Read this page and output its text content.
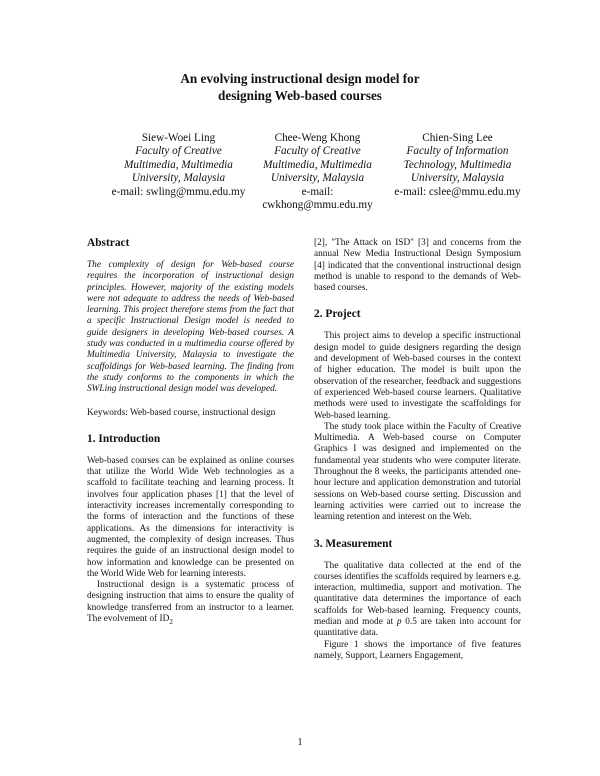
An evolving instructional design model for
designing Web-based courses
Siew-Woei Ling
Faculty of Creative
Multimedia, Multimedia
University, Malaysia
e-mail: swling@mmu.edu.my
Chee-Weng Khong
Faculty of Creative
Multimedia, Multimedia
University, Malaysia
e-mail:
cwkhong@mmu.edu.my
Chien-Sing Lee
Faculty of Information
Technology, Multimedia
University, Malaysia
e-mail: cslee@mmu.edu.my
Abstract

The complexity of design for Web-based course requires the incorporation of instructional design principles. However, majority of the existing models were not adequate to address the needs of Web-based learning. This project therefore stems from the fact that a specific Instructional Design model is needed to guide designers in developing Web-based courses. A study was conducted in a multimedia course offered by Multimedia University, Malaysia to investigate the scaffoldings for Web-based learning. The finding from the study conforms to the components in which the SWLing instructional design model was developed.

Keywords: Web-based course, instructional design

1. Introduction

Web-based courses can be explained as online courses that utilize the World Wide Web technologies as a scaffold to facilitate teaching and learning process. It involves four application phases [1] that the level of interactivity increases incrementally corresponding to the forms of interaction and the functions of these applications. As the dimensions for interactivity is augmented, the complexity of design increases. Thus requires the guide of an instructional design model to how information and knowledge can be presented on the World Wide Web for learning interests.

Instructional design is a systematic process of designing instruction that aims to ensure the quality of knowledge transferred from an instructor to a learner. The evolvement of $ID_2$

[2], "The Attack on ISD" [3] and concerns from the annual New Media Instructional Design Symposium [4] indicated that the conventional instructional design method is unable to respond to the demands of Web-based courses.

2. Project

This project aims to develop a specific instructional design model to guide designers regarding the design and development of Web-based courses in the context of higher education. The model is built upon the observation of the researcher, feedback and suggestions of experienced Web-based course learners. Qualitative methods were used to investigate the scaffoldings for Web-based learning.

The study took place within the Faculty of Creative Multimedia. A Web-based course on Computer Graphics I was designed and implemented on the fundamental year students who were computer literate. Throughout the 8 weeks, the participants attended one-hour lecture and application demonstration and tutorial sessions on Web-based course setting. Discussion and learning activities were carried out to increase the learning retention and interest on the Web.

3. Measurement

The qualitative data collected at the end of the courses identifies the scaffolds required by learners e.g. interaction, multimedia, support and motivation. The quantitative data determines the importance of each scaffolds for Web-based learning. Frequency counts, median and mode at p 0.5 are taken into account for quantitative data.

Figure 1 shows the importance of five features namely, Support, Learners Engagement,

1
